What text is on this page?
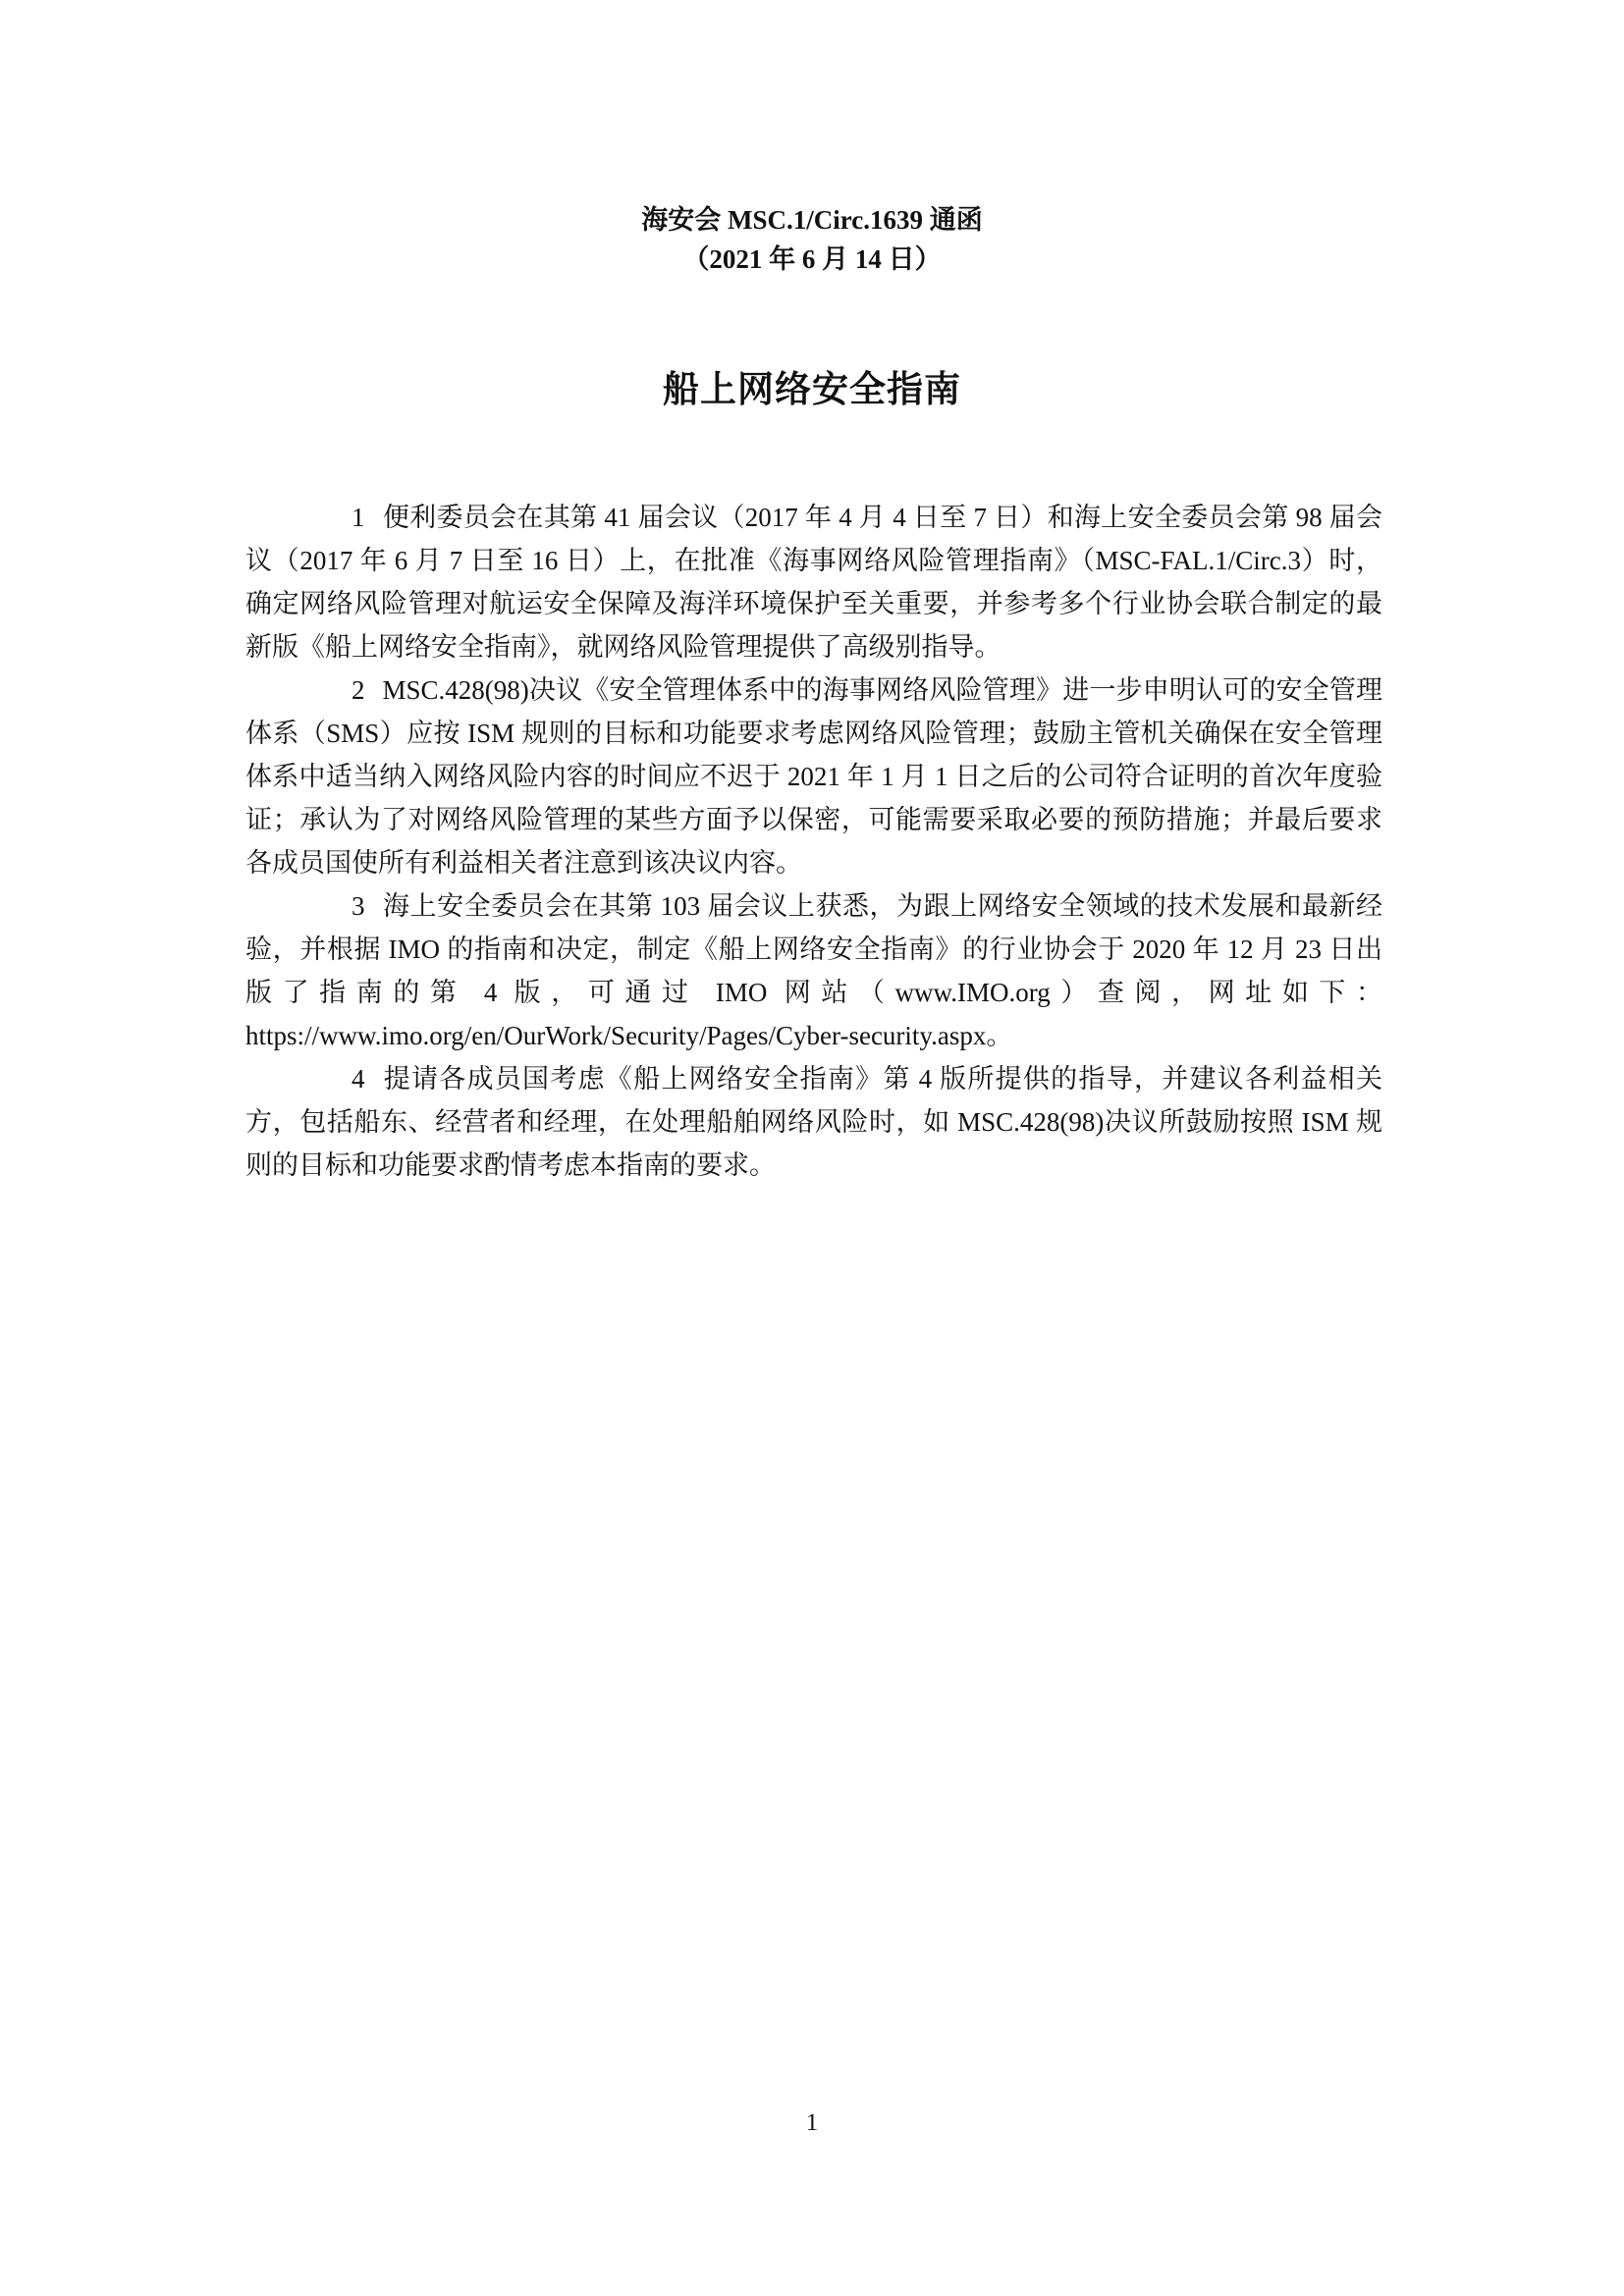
海安会 MSC.1/Circ.1639 通函
（2021 年 6 月 14 日）
船上网络安全指南

1 便利委员会在其第 41 届会议（2017 年 4 月 4 日至 7 日）和海上安全委员会第 98 届会议（2017 年 6 月 7 日至 16 日）上，在批准《海事网络风险管理指南》（MSC-FAL.1/Circ.3）时，确定网络风险管理对航运安全保障及海洋环境保护至关重要，并参考多个行业协会联合制定的最新版《船上网络安全指南》，就网络风险管理提供了高级别指导。

2 MSC.428(98)决议《安全管理体系中的海事网络风险管理》进一步申明认可的安全管理体系（SMS）应按 ISM 规则的目标和功能要求考虑网络风险管理；鼓励主管机关确保在安全管理体系中适当纳入网络风险内容的时间应不迟于 2021 年 1 月 1 日之后的公司符合证明的首次年度验证；承认为了对网络风险管理的某些方面予以保密，可能需要采取必要的预防措施；并最后要求各成员国使所有利益相关者注意到该决议内容。

3 海上安全委员会在其第 103 届会议上获悉，为跟上网络安全领域的技术发展和最新经验，并根据 IMO 的指南和决定，制定《船上网络安全指南》的行业协会于 2020 年 12 月 23 日出版了指南的第 4 版，可通过 IMO 网站（www.IMO.org）查阅，网址如下：https://www.imo.org/en/OurWork/Security/Pages/Cyber-security.aspx。

4 提请各成员国考虑《船上网络安全指南》第 4 版所提供的指导，并建议各利益相关方，包括船东、经营者和经理，在处理船舶网络风险时，如 MSC.428(98)决议所鼓励按照 ISM 规则的目标和功能要求酌情考虑本指南的要求。

1
